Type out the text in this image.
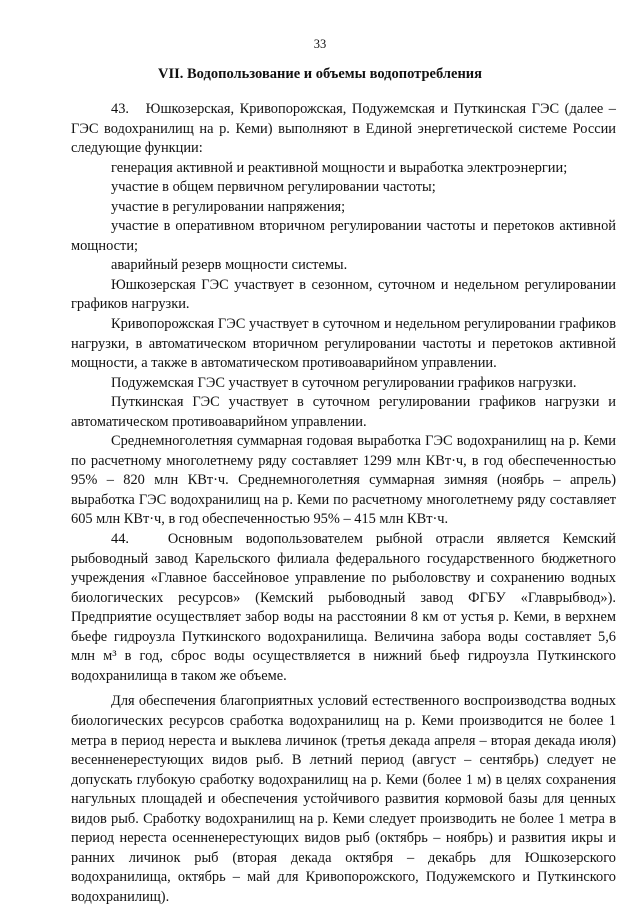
33
VII. Водопользование и объемы водопотребления

43.   Юшкозерская, Кривопорожская, Подужемская и Путкинская ГЭС (далее – ГЭС водохранилищ на р. Кеми) выполняют в Единой энергетической системе России следующие функции:

генерация активной и реактивной мощности и выработка электроэнергии;

участие в общем первичном регулировании частоты;

участие в регулировании напряжения;

участие в оперативном вторичном регулировании частоты и перетоков активной мощности;

аварийный резерв мощности системы.

Юшкозерская ГЭС участвует в сезонном, суточном и недельном регулировании графиков нагрузки.

Кривопорожская ГЭС участвует в суточном и недельном регулировании графиков нагрузки, в автоматическом вторичном регулировании частоты и перетоков активной мощности, а также в автоматическом противоаварийном управлении.

Подужемская ГЭС участвует в суточном регулировании графиков нагрузки.

Путкинская ГЭС участвует в суточном регулировании графиков нагрузки и автоматическом противоаварийном управлении.

Среднемноголетняя суммарная годовая выработка ГЭС водохранилищ на р. Кеми по расчетному многолетнему ряду составляет 1299 млн КВт·ч, в год обеспеченностью 95% – 820 млн КВт·ч. Среднемноголетняя суммарная зимняя (ноябрь – апрель) выработка ГЭС водохранилищ на р. Кеми по расчетному многолетнему ряду составляет 605 млн КВт·ч, в год обеспеченностью 95% – 415 млн КВт·ч.

44.   Основным водопользователем рыбной отрасли является Кемский рыбоводный завод Карельского филиала федерального государственного бюджетного учреждения «Главное бассейновое управление по рыболовству и сохранению водных биологических ресурсов» (Кемский рыбоводный завод ФГБУ «Главрыбвод»). Предприятие осуществляет забор воды на расстоянии 8 км от устья р. Кеми, в верхнем бьефе гидроузла Путкинского водохранилища. Величина забора воды составляет 5,6 млн м³ в год, сброс воды осуществляется в нижний бьеф гидроузла Путкинского водохранилища в таком же объеме.

Для обеспечения благоприятных условий естественного воспроизводства водных биологических ресурсов сработка водохранилищ на р. Кеми производится не более 1 метра в период нереста и выклева личинок (третья декада апреля – вторая декада июля) весенненерестующих видов рыб. В летний период (август – сентябрь) следует не допускать глубокую сработку водохранилищ на р. Кеми (более 1 м) в целях сохранения нагульных площадей и обеспечения устойчивого развития кормовой базы для ценных видов рыб. Сработку водохранилищ на р. Кеми следует производить не более 1 метра в период нереста осенненерестующих видов рыб (октябрь – ноябрь) и развития икры и ранних личинок рыб (вторая декада октября – декабрь для Юшкозерского водохранилища, октябрь – май для Кривопорожского, Подужемского и Путкинского водохранилищ).
